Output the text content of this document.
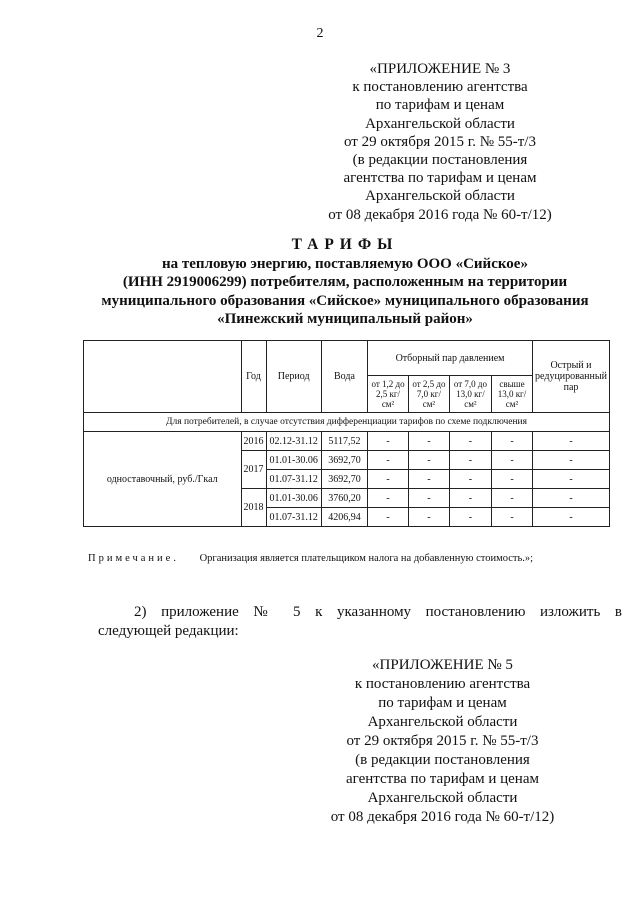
2
«ПРИЛОЖЕНИЕ № 3
к постановлению агентства
по тарифам и ценам
Архангельской области
от 29 октября 2015 г. № 55-т/3
(в редакции постановления
агентства по тарифам и ценам
Архангельской области
от 08 декабря 2016 года № 60-т/12)
ТАРИФЫ
на тепловую энергию, поставляемую ООО «Сийское»
(ИНН 2919006299) потребителям, расположенным на территории
муниципального образования «Сийское» муниципального образования
«Пинежский муниципальный район»
	Год	Период	Вода	Отборный пар давлением				Острый и редуцированный пар
				от 1,2 до 2,5 кг/см²	от 2,5 до 7,0 кг/см²	от 7,0 до 13,0 кг/см²	свыше 13,0 кг/см²	
Для потребителей, в случае отсутствия дифференциации тарифов по схеме подключения								
одноставочный, руб./Гкал	2016	02.12-31.12	5117,52	-	-	-	-	-
	2017	01.01-30.06	3692,70	-	-	-	-	-
		01.07-31.12	3692,70	-	-	-	-	-
	2018	01.01-30.06	3760,20	-	-	-	-	-
		01.07-31.12	4206,94	-	-	-	-	-
Примечание. Организация является плательщиком налога на добавленную стоимость.»;
2) приложение № 5 к указанному постановлению изложить в
следующей редакции:
«ПРИЛОЖЕНИЕ № 5
к постановлению агентства
по тарифам и ценам
Архангельской области
от 29 октября 2015 г. № 55-т/3
(в редакции постановления
агентства по тарифам и ценам
Архангельской области
от 08 декабря 2016 года № 60-т/12)
